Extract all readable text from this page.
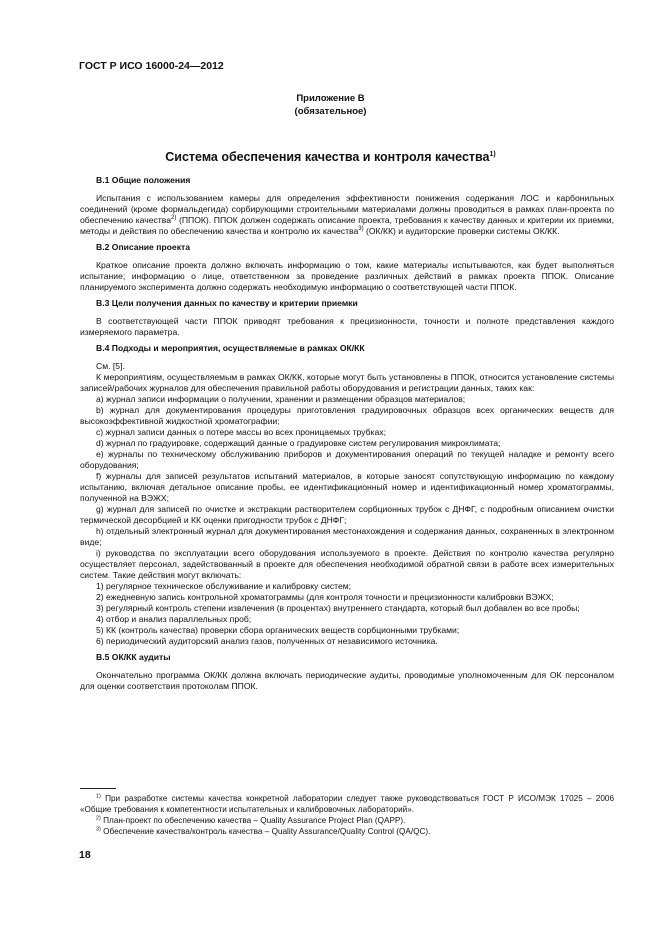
ГОСТ Р ИСО 16000-24—2012
Приложение В
(обязательное)
Система обеспечения качества и контроля качества$^{1)}$

В.1 Общие положения

Испытания с использованием камеры для определения эффективности понижения содержания ЛОС и карбонильных соединений (кроме формальдегида) сорбирующими строительными материалами должны проводиться в рамках план-проекта по обеспечению качества$^{2)}$ (ППОК). ППОК должен содержать описание проекта, требования к качеству данных и критерии их приемки, методы и действия по обеспечению качества и контролю их качества$^{3)}$ (ОК/КК) и аудиторские проверки системы ОК/КК.

В.2 Описание проекта

Краткое описание проекта должно включать информацию о том, какие материалы испытываются, как будет выполняться испытание; информацию о лице, ответственном за проведение различных действий в рамках проекта ППОК. Описание планируемого эксперимента должно содержать необходимую информацию о соответствующей части ППОК.

В.3 Цели получения данных по качеству и критерии приемки

В соответствующей части ППОК приводят требования к прецизионности, точности и полноте представления каждого измеряемого параметра.

В.4 Подходы и мероприятия, осуществляемые в рамках ОК/КК

См. [5].

К мероприятиям, осуществляемым в рамках ОК/КК, которые могут быть установлены в ППОК, относится установление системы записей/рабочих журналов для обеспечения правильной работы оборудования и регистрации данных, таких как:

а) журнал записи информации о получении, хранении и размещении образцов материалов;

b) журнал для документирования процедуры приготовления градуировочных образцов всех органических веществ для высокоэффективной жидкостной хроматографии;

с) журнал записи данных о потере массы во всех проницаемых трубках;

d) журнал по градуировке, содержащий данные о градуировке систем регулирования микроклимата;

е) журналы по техническому обслуживанию приборов и документирования операций по текущей наладке и ремонту всего оборудования;

f) журналы для записей результатов испытаний материалов, в которые заносят сопутствующую информацию по каждому испытанию, включая детальное описание пробы, ее идентификационный номер и идентификационный номер хроматограммы, полученной на ВЭЖХ;

g) журнал для записей по очистке и экстракции растворителем сорбционных трубок с ДНФГ, с подробным описанием очистки термической десорбцией и КК оценки пригодности трубок с ДНФГ;

h) отдельный электронный журнал для документирования местонахождения и содержания данных, сохраненных в электронном виде;

i) руководства по эксплуатации всего оборудования используемого в проекте. Действия по контролю качества регулярно осуществляет персонал, задействованный в проекте для обеспечения необходимой обратной связи в работе всех измерительных систем. Такие действия могут включать:

1) регулярное техническое обслуживание и калибровку систем;

2) ежедневную запись контрольной хроматограммы (для контроля точности и прецизионности калибровки ВЭЖХ;

3) регулярный контроль степени извлечения (в процентах) внутреннего стандарта, который был добавлен во все пробы;

4) отбор и анализ параллельных проб;

5) КК (контроль качества) проверки сбора органических веществ сорбционными трубками;

6) периодический аудиторский анализ газов, полученных от независимого источника.

В.5 ОК/КК аудиты

Окончательно программа ОК/КК должна включать периодические аудиты, проводимые уполномоченным для ОК персоналом для оценки соответствия протоколам ППОК.

$^{1)}$ При разработке системы качества конкретной лаборатории следует также руководствоваться ГОСТ Р ИСО/МЭК 17025 – 2006 «Общие требования к компетентности испытательных и калибровочных лабораторий».

$^{2)}$ План-проект по обеспечению качества – Quality Assurance Project Plan (QAPP).

$^{3)}$ Обеспечение качества/контроль качества – Quality Assurance/Quality Control (QA/QC).

18
